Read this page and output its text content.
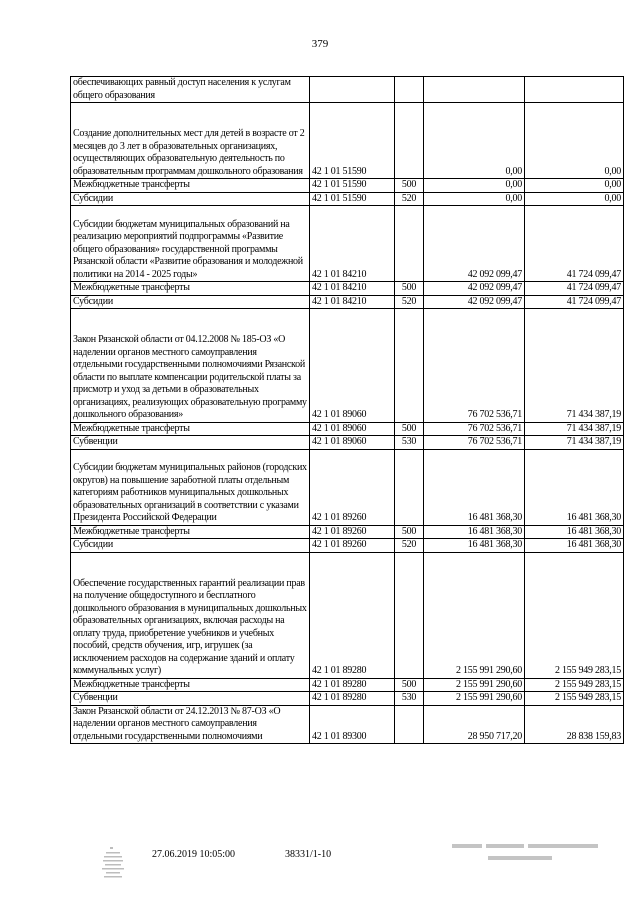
379
обеспечивающих равный доступ населения к услугам общего образования				
Создание дополнительных мест для детей в возрасте от 2 месяцев до 3 лет в образовательных организациях, осуществляющих образовательную деятельность по образовательным программам дошкольного образования	42 1 01 51590		0,00	0,00
Межбюджетные трансферты	42 1 01 51590	500	0,00	0,00
Субсидии	42 1 01 51590	520	0,00	0,00
Субсидии бюджетам муниципальных образований на реализацию мероприятий подпрограммы «Развитие общего образования» государственной программы Рязанской области «Развитие образования и молодежной политики на 2014 - 2025 годы»	42 1 01 84210		42 092 099,47	41 724 099,47
Межбюджетные трансферты	42 1 01 84210	500	42 092 099,47	41 724 099,47
Субсидии	42 1 01 84210	520	42 092 099,47	41 724 099,47
Закон Рязанской области от 04.12.2008 № 185-ОЗ «О наделении органов местного самоуправления отдельными государственными полномочиями Рязанской области по выплате компенсации родительской платы за присмотр и уход за детьми в образовательных организациях, реализующих образовательную программу дошкольного образования»	42 1 01 89060		76 702 536,71	71 434 387,19
Межбюджетные трансферты	42 1 01 89060	500	76 702 536,71	71 434 387,19
Субвенции	42 1 01 89060	530	76 702 536,71	71 434 387,19
Субсидии бюджетам муниципальных районов (городских округов) на повышение заработной платы отдельным категориям работников муниципальных дошкольных образовательных организаций в соответствии с указами Президента Российской Федерации	42 1 01 89260		16 481 368,30	16 481 368,30
Межбюджетные трансферты	42 1 01 89260	500	16 481 368,30	16 481 368,30
Субсидии	42 1 01 89260	520	16 481 368,30	16 481 368,30
Обеспечение государственных гарантий реализации прав на получение общедоступного и бесплатного дошкольного образования в муниципальных дошкольных образовательных организациях, включая расходы на оплату труда, приобретение учебников и учебных пособий, средств обучения, игр, игрушек (за исключением расходов на содержание зданий и оплату коммунальных услуг)	42 1 01 89280		2 155 991 290,60	2 155 949 283,15
Межбюджетные трансферты	42 1 01 89280	500	2 155 991 290,60	2 155 949 283,15
Субвенции	42 1 01 89280	530	2 155 991 290,60	2 155 949 283,15
Закон Рязанской области от 24.12.2013 № 87-ОЗ «О наделении органов местного самоуправления отдельными государственными полномочиями	42 1 01 89300		28 950 717,20	28 838 159,83
27.06.2019 10:05:00	38331/1-10
